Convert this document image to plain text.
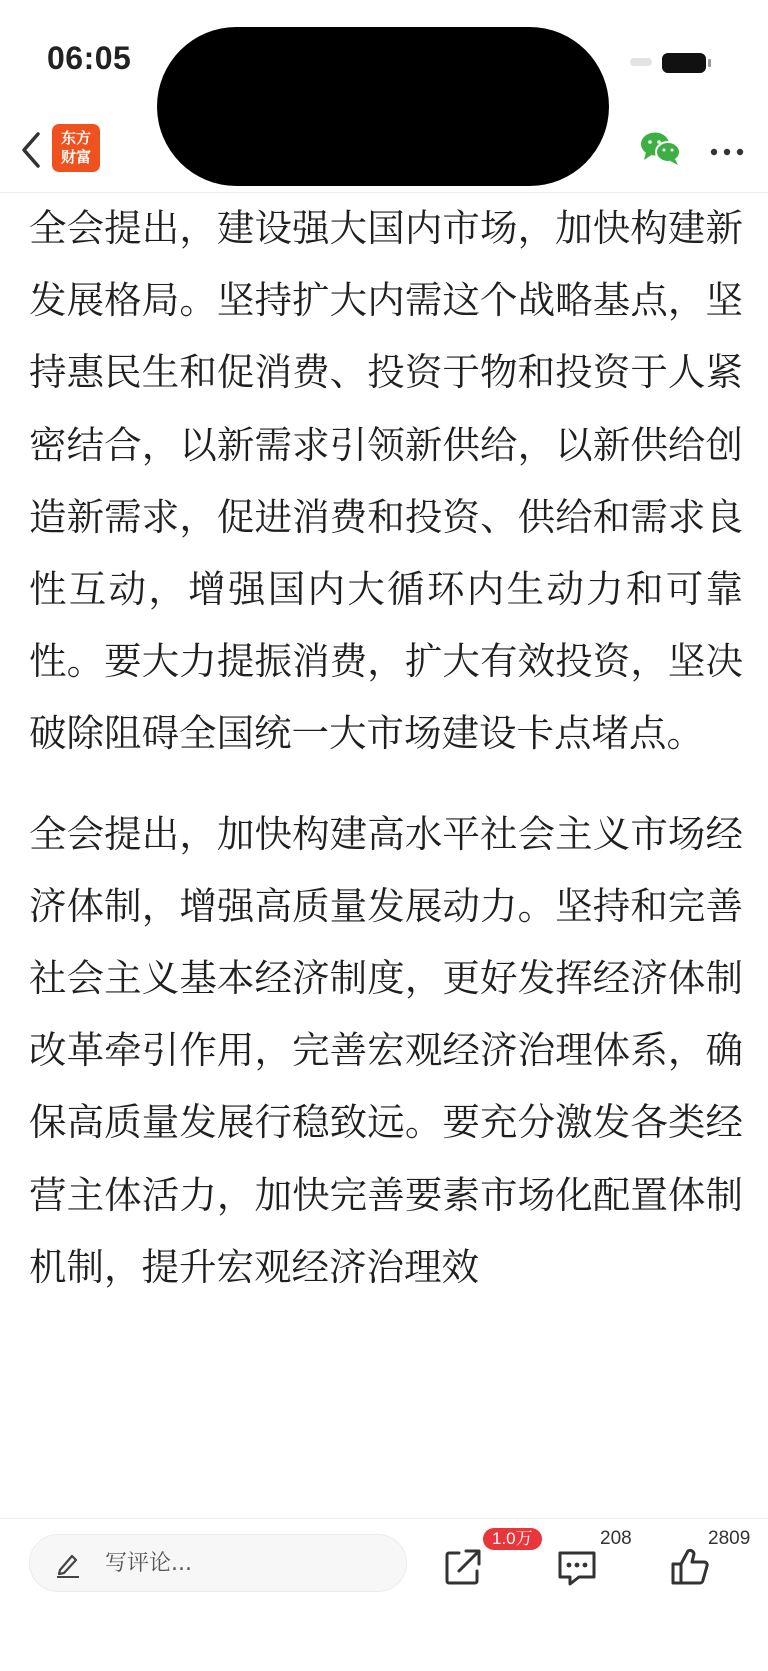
06:05
东方
财富

全会提出，建设强大国内市场，加快构建新发展格局。坚持扩大内需这个战略基点，坚持惠民生和促消费、投资于物和投资于人紧密结合，以新需求引领新供给，以新供给创造新需求，促进消费和投资、供给和需求良性互动，增强国内大循环内生动力和可靠性。要大力提振消费，扩大有效投资，坚决破除阻碍全国统一大市场建设卡点堵点。

全会提出，加快构建高水平社会主义市场经济体制，增强高质量发展动力。坚持和完善社会主义基本经济制度，更好发挥经济体制改革牵引作用，完善宏观经济治理体系，确保高质量发展行稳致远。要充分激发各类经营主体活力，加快完善要素市场化配置体制机制，提升宏观经济治理效

写评论...
1.0万	208	2809
